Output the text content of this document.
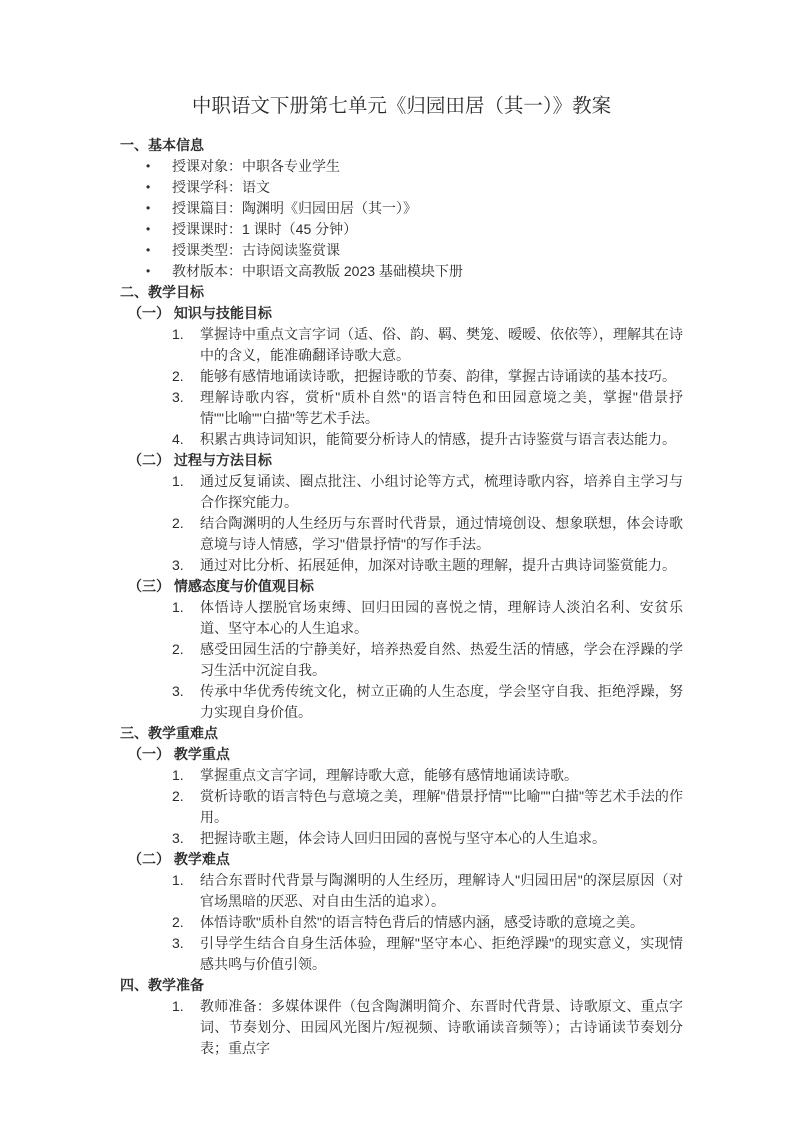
中职语文下册第七单元《归园田居（其一）》教案
一、基本信息
•	授课对象：中职各专业学生
•	授课学科：语文
•	授课篇目：陶渊明《归园田居（其一）》
•	授课课时：1 课时（45 分钟）
•	授课类型：古诗阅读鉴赏课
•	教材版本：中职语文高教版 2023 基础模块下册
二、教学目标
（一） 知识与技能目标
1.	掌握诗中重点文言字词（适、俗、韵、羁、樊笼、暧暧、依依等），理解其在诗中的含义，能准确翻译诗歌大意。
2.	能够有感情地诵读诗歌，把握诗歌的节奏、韵律，掌握古诗诵读的基本技巧。
3.	理解诗歌内容，赏析"质朴自然"的语言特色和田园意境之美，掌握"借景抒情""比喻""白描"等艺术手法。
4.	积累古典诗词知识，能简要分析诗人的情感，提升古诗鉴赏与语言表达能力。
（二） 过程与方法目标
1.	通过反复诵读、圈点批注、小组讨论等方式，梳理诗歌内容，培养自主学习与合作探究能力。
2.	结合陶渊明的人生经历与东晋时代背景，通过情境创设、想象联想，体会诗歌意境与诗人情感，学习"借景抒情"的写作手法。
3.	通过对比分析、拓展延伸，加深对诗歌主题的理解，提升古典诗词鉴赏能力。
（三） 情感态度与价值观目标
1.	体悟诗人摆脱官场束缚、回归田园的喜悦之情，理解诗人淡泊名利、安贫乐道、坚守本心的人生追求。
2.	感受田园生活的宁静美好，培养热爱自然、热爱生活的情感，学会在浮躁的学习生活中沉淀自我。
3.	传承中华优秀传统文化，树立正确的人生态度，学会坚守自我、拒绝浮躁，努力实现自身价值。
三、教学重难点
（一） 教学重点
1.	掌握重点文言字词，理解诗歌大意，能够有感情地诵读诗歌。
2.	赏析诗歌的语言特色与意境之美，理解"借景抒情""比喻""白描"等艺术手法的作用。
3.	把握诗歌主题，体会诗人回归田园的喜悦与坚守本心的人生追求。
（二） 教学难点
1.	结合东晋时代背景与陶渊明的人生经历，理解诗人"归园田居"的深层原因（对官场黑暗的厌恶、对自由生活的追求）。
2.	体悟诗歌"质朴自然"的语言特色背后的情感内涵，感受诗歌的意境之美。
3.	引导学生结合自身生活体验，理解"坚守本心、拒绝浮躁"的现实意义，实现情感共鸣与价值引领。
四、教学准备
1.	教师准备：多媒体课件（包含陶渊明简介、东晋时代背景、诗歌原文、重点字词、节奏划分、田园风光图片/短视频、诗歌诵读音频等）；古诗诵读节奏划分表；重点字
